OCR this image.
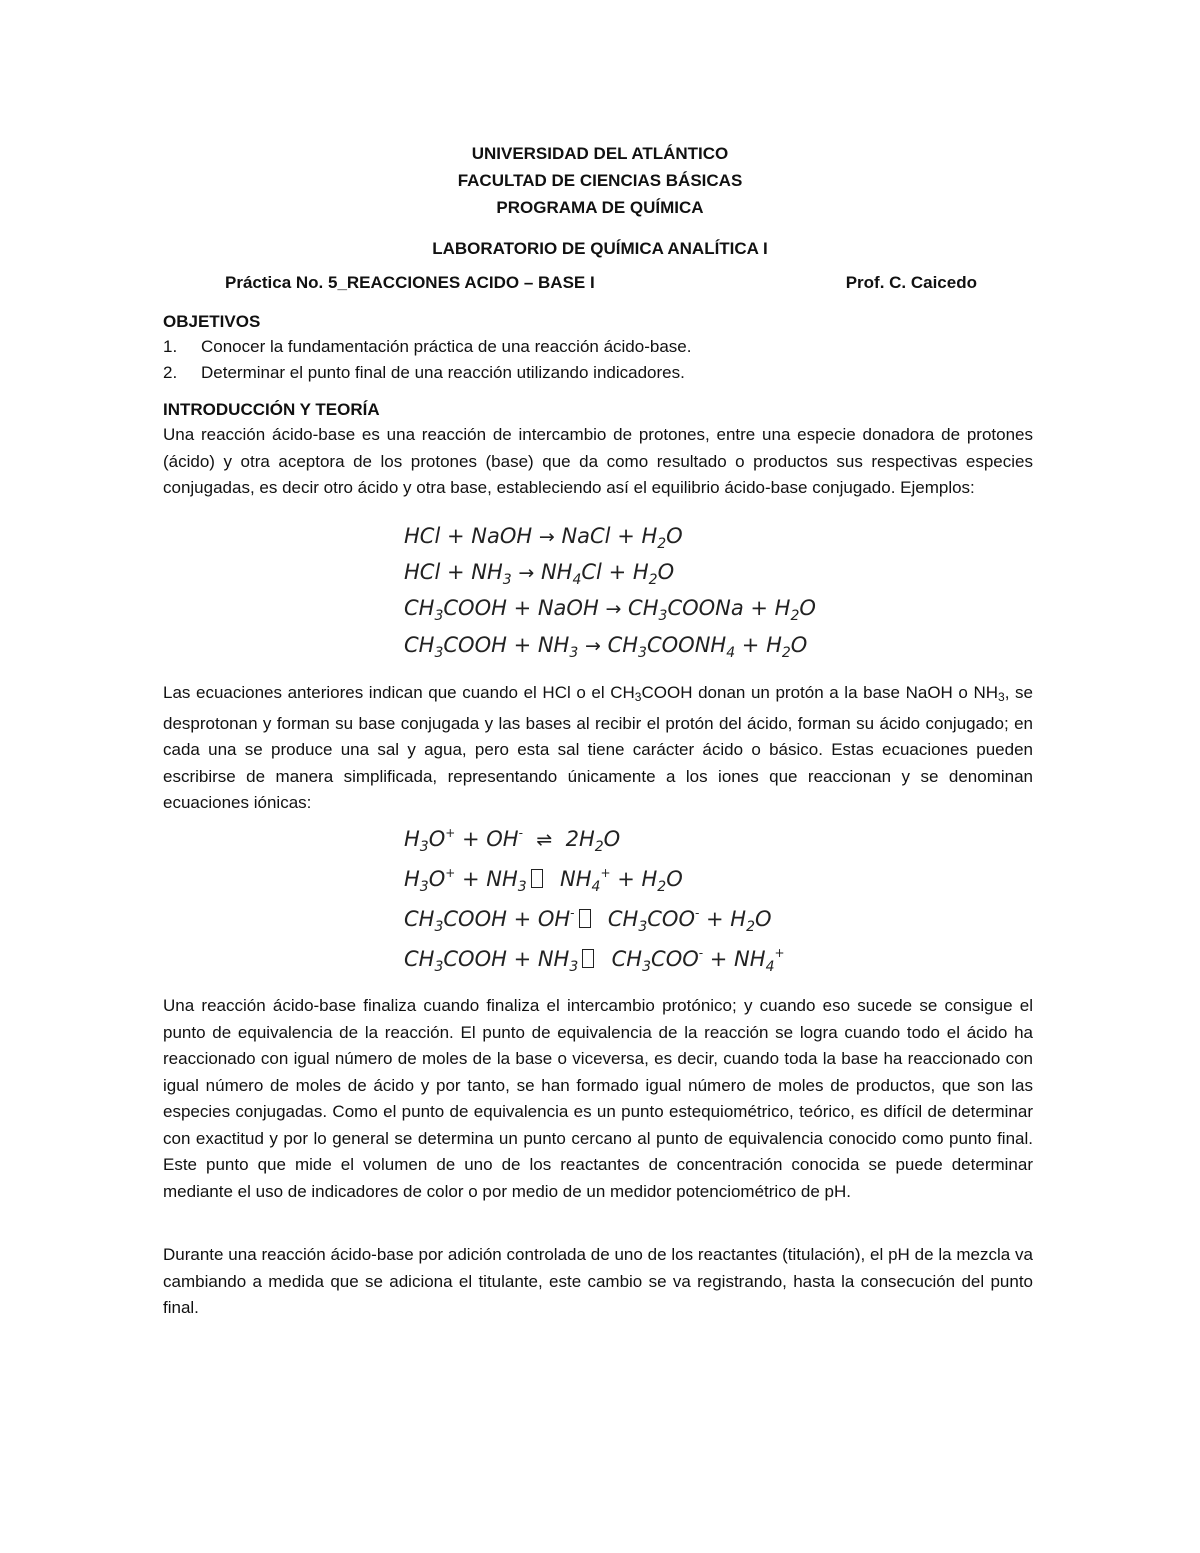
UNIVERSIDAD DEL ATLÁNTICO
FACULTAD DE CIENCIAS BÁSICAS
PROGRAMA DE QUÍMICA
LABORATORIO DE QUÍMICA ANALÍTICA I
Práctica No. 5_REACCIONES ACIDO – BASE I	Prof. C. Caicedo
OBJETIVOS
1. Conocer la fundamentación práctica de una reacción ácido-base.
2. Determinar el punto final de una reacción utilizando indicadores.
INTRODUCCIÓN Y TEORÍA
Una reacción ácido-base es una reacción de intercambio de protones, entre una especie donadora de protones (ácido) y otra aceptora de los protones (base) que da como resultado o productos sus respectivas especies conjugadas, es decir otro ácido y otra base, estableciendo así el equilibrio ácido-base conjugado. Ejemplos:
HCl + NaOH → NaCl + $H_2O$
HCl + $NH_3 \to NH_4Cl + H_2O$
$CH_3COOH$ + NaOH → $CH_3COONa + H_2O$
$CH_3COOH + NH_3$ → $CH_3COONH_4 + H_2O$
Las ecuaciones anteriores indican que cuando el HCl o el $CH_3COOH$ donan un protón a la base NaOH o $NH_3$, se desprotonan y forman su base conjugada y las bases al recibir el protón del ácido, forman su ácido conjugado; en cada una se produce una sal y agua, pero esta sal tiene carácter ácido o básico. Estas ecuaciones pueden escribirse de manera simplificada, representando únicamente a los iones que reaccionan y se denominan ecuaciones iónicas:
$H_3O^+ + OH^-$ ⇌ $2H_2O$
$H_3O^+ + NH_3$ $NH_4^+ + H_2O$
$CH_3COOH + OH^-$ $CH_3COO^- + H_2O$
$CH_3COOH + NH_3$ $CH_3COO^- + NH_4^+$
Una reacción ácido-base finaliza cuando finaliza el intercambio protónico; y cuando eso sucede se consigue el punto de equivalencia de la reacción. El punto de equivalencia de la reacción se logra cuando todo el ácido ha reaccionado con igual número de moles de la base o viceversa, es decir, cuando toda la base ha reaccionado con igual número de moles de ácido y por tanto, se han formado igual número de moles de productos, que son las especies conjugadas. Como el punto de equivalencia es un punto estequiométrico, teórico, es difícil de determinar con exactitud y por lo general se determina un punto cercano al punto de equivalencia conocido como punto final. Este punto que mide el volumen de uno de los reactantes de concentración conocida se puede determinar mediante el uso de indicadores de color o por medio de un medidor potenciométrico de pH.
Durante una reacción ácido-base por adición controlada de uno de los reactantes (titulación), el pH de la mezcla va cambiando a medida que se adiciona el titulante, este cambio se va registrando, hasta la consecución del punto final.
